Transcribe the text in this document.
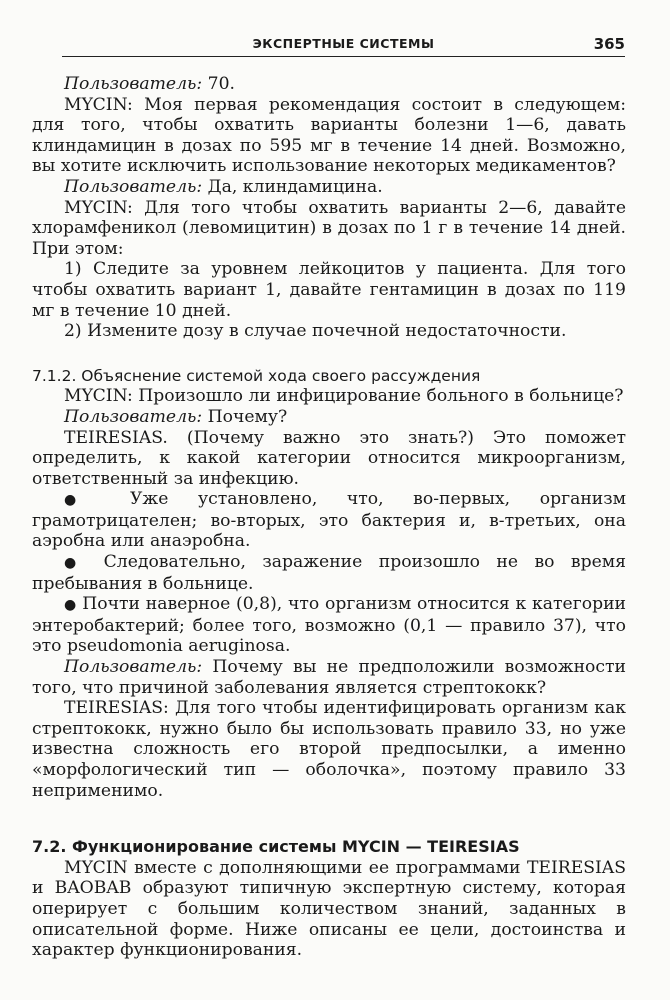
ЭКСПЕРТНЫЕ СИСТЕМЫ	365

Пользователь: 70.

MYCIN: Моя первая рекомендация состоит в следующем: для того, чтобы охватить варианты болезни 1—6, давать клиндамицин в дозах по 595 мг в течение 14 дней. Возможно, вы хотите исключить использование некоторых медикаментов?

Пользователь: Да, клиндамицина.

MYCIN: Для того чтобы охватить варианты 2—6, давайте хлорамфеникол (левомицитин) в дозах по 1 г в течение 14 дней. При этом:

1) Следите за уровнем лейкоцитов у пациента. Для того чтобы охватить вариант 1, давайте гентамицин в дозах по 119 мг в течение 10 дней.

2) Измените дозу в случае почечной недостаточности.

7.1.2. Объяснение системой хода своего рассуждения

MYCIN: Произошло ли инфицирование больного в больнице?

Пользователь: Почему?

TEIRESIAS. (Почему важно это знать?) Это поможет определить, к какой категории относится микроорганизм, ответственный за инфекцию.

● Уже установлено, что, во-первых, организм грамотрицателен; во-вторых, это бактерия и, в-третьих, она аэробна или анаэробна.

● Следовательно, заражение произошло не во время пребывания в больнице.

● Почти наверное (0,8), что организм относится к категории энтеробактерий; более того, возможно (0,1 — правило 37), что это pseudomonia aeruginosa.

Пользователь: Почему вы не предположили возможности того, что причиной заболевания является стрептококк?

TEIRESIAS: Для того чтобы идентифицировать организм как стрептококк, нужно было бы использовать правило 33, но уже известна сложность его второй предпосылки, а именно «морфологический тип — оболочка», поэтому правило 33 неприменимо.

7.2. Функционирование системы MYCIN — TEIRESIAS

MYCIN вместе с дополняющими ее программами TEIRESIAS и BAOBAB образуют типичную экспертную систему, которая оперирует с большим количеством знаний, заданных в описательной форме. Ниже описаны ее цели, достоинства и характер функционирования.
